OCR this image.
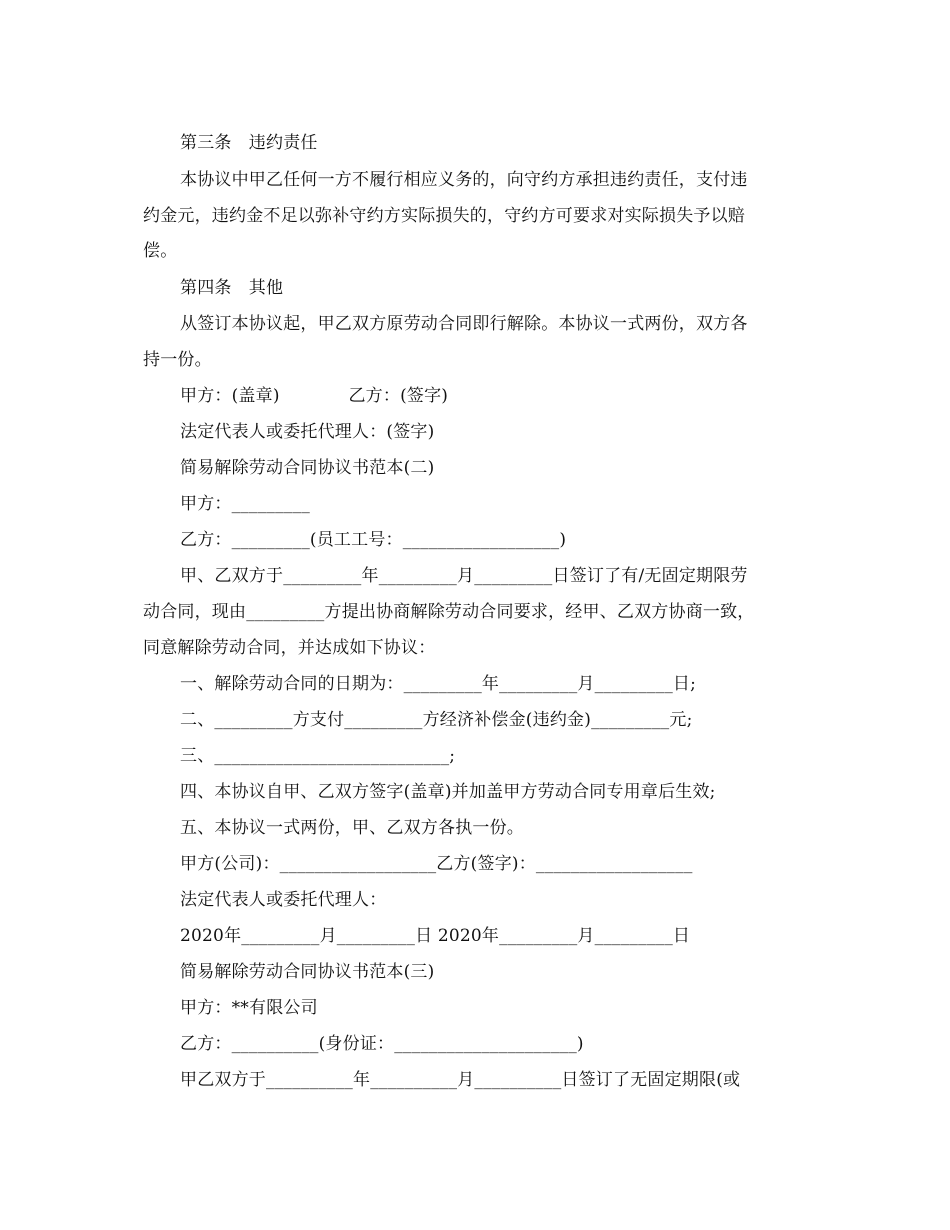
第三条　违约责任
本协议中甲乙任何一方不履行相应义务的，向守约方承担违约责任，支付违
约金元，违约金不足以弥补守约方实际损失的，守约方可要求对实际损失予以赔
偿。
第四条　其他
从签订本协议起，甲乙双方原劳动合同即行解除。本协议一式两份，双方各
持一份。
甲方：(盖章)　　　　乙方：(签字)
法定代表人或委托代理人：(签字)
简易解除劳动合同协议书范本(二)
甲方：_________
乙方：_________(员工工号：__________________)
甲、乙双方于_________年_________月_________日签订了有/无固定期限劳
动合同，现由_________方提出协商解除劳动合同要求，经甲、乙双方协商一致，
同意解除劳动合同，并达成如下协议：
一、解除劳动合同的日期为：_________年_________月_________日;
二、_________方支付_________方经济补偿金(违约金)_________元;
三、___________________________;
四、本协议自甲、乙双方签字(盖章)并加盖甲方劳动合同专用章后生效;
五、本协议一式两份，甲、乙双方各执一份。
甲方(公司)：__________________乙方(签字)：__________________
法定代表人或委托代理人：
2020年_________月_________日 2020年_________月_________日
简易解除劳动合同协议书范本(三)
甲方：**有限公司
乙方：__________(身份证：_____________________)
甲乙双方于__________年__________月__________日签订了无固定期限(或
